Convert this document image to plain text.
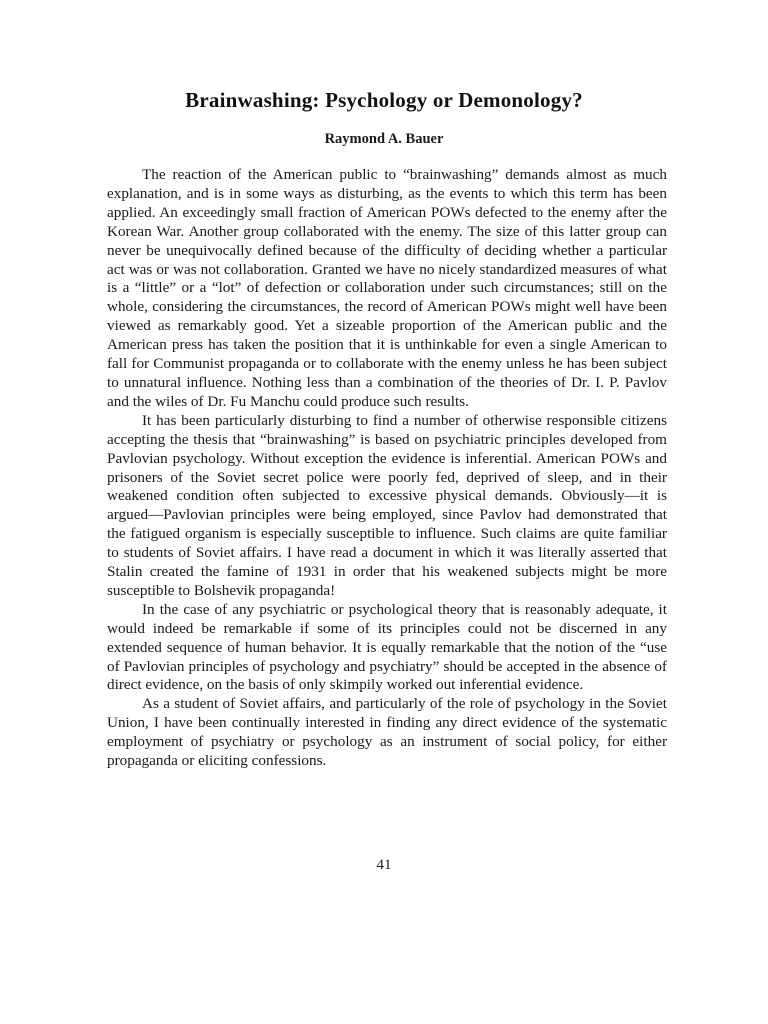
Brainwashing: Psychology or Demonology?
Raymond A. Bauer

The reaction of the American public to “brainwashing” demands almost as much explanation, and is in some ways as disturbing, as the events to which this term has been applied. An exceedingly small fraction of American POWs defected to the enemy after the Korean War. Another group collaborated with the enemy. The size of this latter group can never be unequivocally defined because of the difficulty of deciding whether a particular act was or was not collaboration. Granted we have no nicely standardized measures of what is a “little” or a “lot” of defection or collaboration under such circumstances; still on the whole, considering the circumstances, the record of American POWs might well have been viewed as remarkably good. Yet a sizeable proportion of the American public and the American press has taken the position that it is unthinkable for even a single American to fall for Communist propaganda or to collaborate with the enemy unless he has been subject to unnatural influence. Nothing less than a combination of the theories of Dr. I. P. Pavlov and the wiles of Dr. Fu Manchu could produce such results.

It has been particularly disturbing to find a number of otherwise responsible citizens accepting the thesis that “brainwashing” is based on psychiatric principles developed from Pavlovian psychology. Without exception the evidence is inferential. American POWs and prisoners of the Soviet secret police were poorly fed, deprived of sleep, and in their weakened condition often subjected to excessive physical demands. Obviously—it is argued—Pavlovian principles were being employed, since Pavlov had demonstrated that the fatigued organism is especially susceptible to influence. Such claims are quite familiar to students of Soviet affairs. I have read a document in which it was literally asserted that Stalin created the famine of 1931 in order that his weakened subjects might be more susceptible to Bolshevik propaganda!

In the case of any psychiatric or psychological theory that is reasonably adequate, it would indeed be remarkable if some of its principles could not be discerned in any extended sequence of human behavior. It is equally remarkable that the notion of the “use of Pavlovian principles of psychology and psychiatry” should be accepted in the absence of direct evidence, on the basis of only skimpily worked out inferential evidence.

As a student of Soviet affairs, and particularly of the role of psychology in the Soviet Union, I have been continually interested in finding any direct evidence of the systematic employment of psychiatry or psychology as an instrument of social policy, for either propaganda or eliciting confessions.

41
